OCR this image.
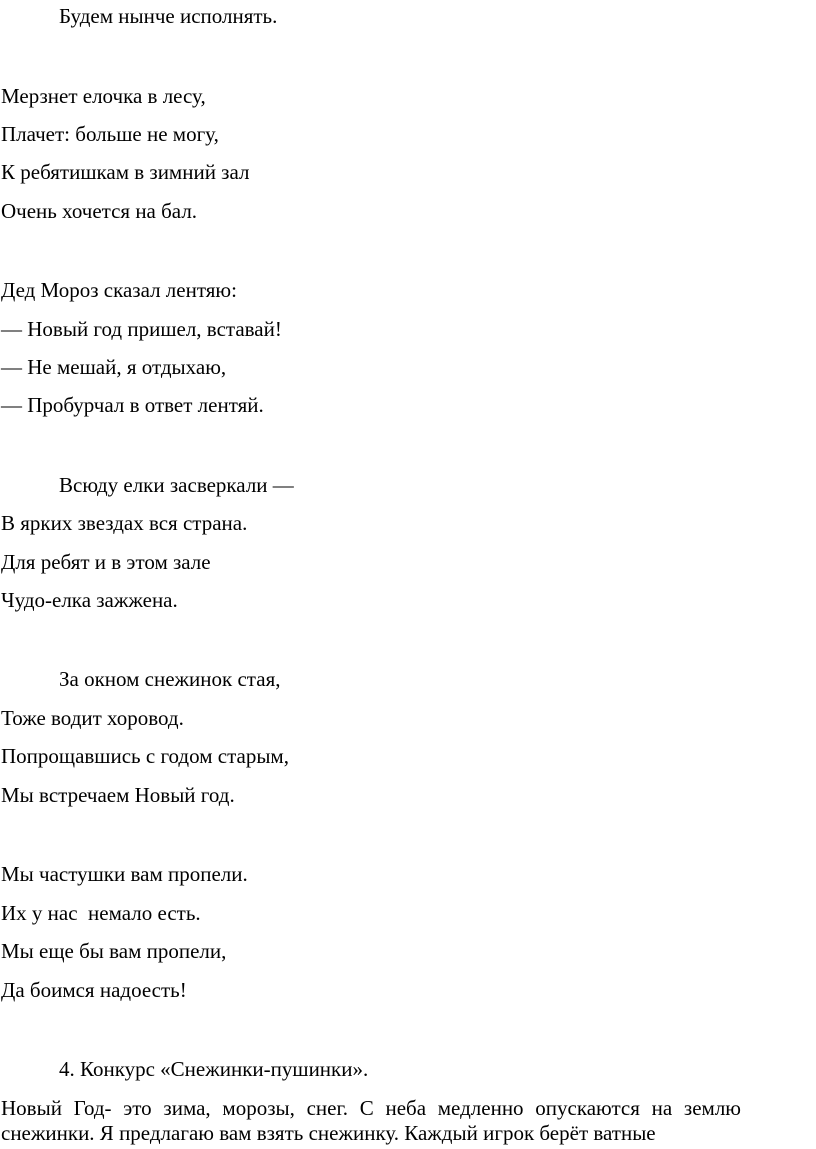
Будем нынче исполнять.
Мерзнет елочка в лесу,
Плачет: больше не могу,
К ребятишкам в зимний зал
Очень хочется на бал.
Дед Мороз сказал лентяю:
— Новый год пришел, вставай!
— Не мешай, я отдыхаю,
— Пробурчал в ответ лентяй.
Всюду елки засверкали —
В ярких звездах вся страна.
Для ребят и в этом зале
Чудо-елка зажжена.
За окном снежинок стая,
Тоже водит хоровод.
Попрощавшись с годом старым,
Мы встречаем Новый год.
Мы частушки вам пропели.
Их у нас  немало есть.
Мы еще бы вам пропели,
Да боимся надоесть!
4. Конкурс «Снежинки-пушинки».

Новый Год- это зима, морозы, снег. С неба медленно опускаются на землю снежинки. Я предлагаю вам взять снежинку. Каждый игрок берёт ватные
